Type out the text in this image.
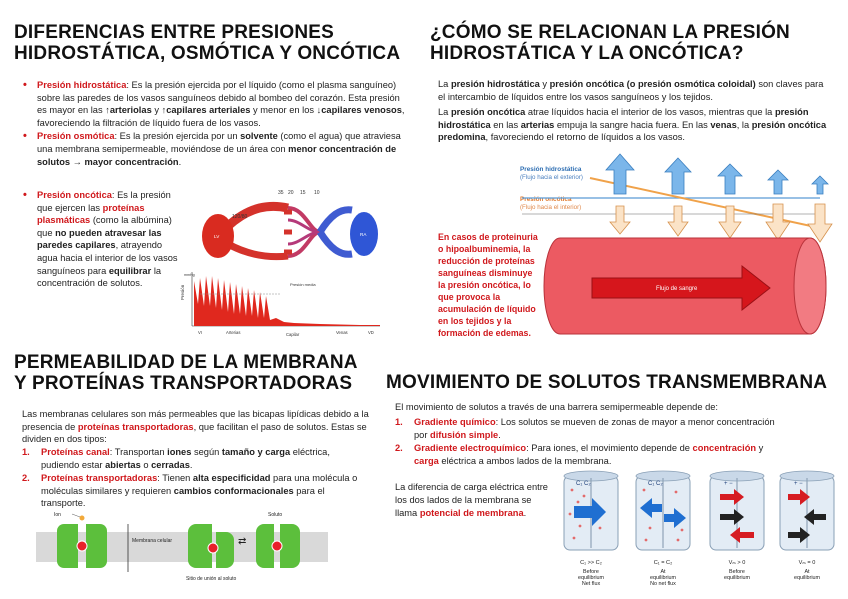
DIFERENCIAS ENTRE PRESIONES
HIDROSTÁTICA, OSMÓTICA Y ONCÓTICA
• Presión hidrostática: Es la presión ejercida por el líquido (como el plasma sanguíneo) sobre las paredes de los vasos sanguíneos debido al bombeo del corazón. Esta presión es mayor en las ↑arteriolas y ↑capilares arteriales y menor en los ↓capilares venosos, favoreciendo la filtración de líquido fuera de los vasos.
• Presión osmótica: Es la presión ejercida por un solvente (como el agua) que atraviesa una membrana semipermeable, moviéndose de un área con menor concentración de solutos → mayor concentración.
• Presión oncótica: Es la presión que ejercen las proteínas plasmáticas (como la albúmina) que no pueden atravesar las paredes capilares, atrayendo agua hacia el interior de los vasos sanguíneos para equilibrar la concentración de solutos.
LV	RA
120/80
35 20 15 10
Presión
mmHg
Presión media
VI	Arterias	Capilar	Venas	VD
¿CÓMO SE RELACIONAN LA PRESIÓN
HIDROSTÁTICA Y LA ONCÓTICA?
La presión hidrostática y presión oncótica (o presión osmótica coloidal) son claves para el intercambio de líquidos entre los vasos sanguíneos y los tejidos.
La presión oncótica atrae líquidos hacia el interior de los vasos, mientras que la presión hidrostática en las arterias empuja la sangre hacia fuera. En las venas, la presión oncótica predomina, favoreciendo el retorno de líquidos a los vasos.
Presión hidrostática
(Flujo hacia el exterior)
Presión oncótica
(Flujo hacia el interior)
Flujo de sangre
En casos de proteinuria o hipoalbuminemia, la reducción de proteínas sanguíneas disminuye la presión oncótica, lo que provoca la acumulación de líquido en los tejidos y la formación de edemas.
PERMEABILIDAD DE LA MEMBRANA
Y PROTEÍNAS TRANSPORTADORAS
Las membranas celulares son más permeables que las bicapas lipídicas debido a la presencia de proteínas transportadoras, que facilitan el paso de solutos. Estas se dividen en dos tipos:
1. Proteínas canal: Transportan iones según tamaño y carga eléctrica, pudiendo estar abiertas o cerradas.
2. Proteínas transportadoras: Tienen alta especificidad para una molécula o moléculas similares y requieren cambios conformacionales para el transporte.
Ion
Membrana celular	⇄
Soluto
Sitio de unión al soluto
MOVIMIENTO DE SOLUTOS TRANSMEMBRANA
El movimiento de solutos a través de una barrera semipermeable depende de:
1. Gradiente químico: Los solutos se mueven de zonas de mayor a menor concentración por difusión simple.
2. Gradiente electroquímico: Para iones, el movimiento depende de concentración y carga eléctrica a ambos lados de la membrana.
La diferencia de carga eléctrica entre los dos lados de la membrana se llama potencial de membrana.
C₁ C₂
C₁ >> C₂
Before
equilibrium
Net flux
C₁ C₂
C₁ = C₂
At
equilibrium
No net flux
+ −
Vₘ > 0
Before
equilibrium
+ −
Vₘ = 0
At
equilibrium
